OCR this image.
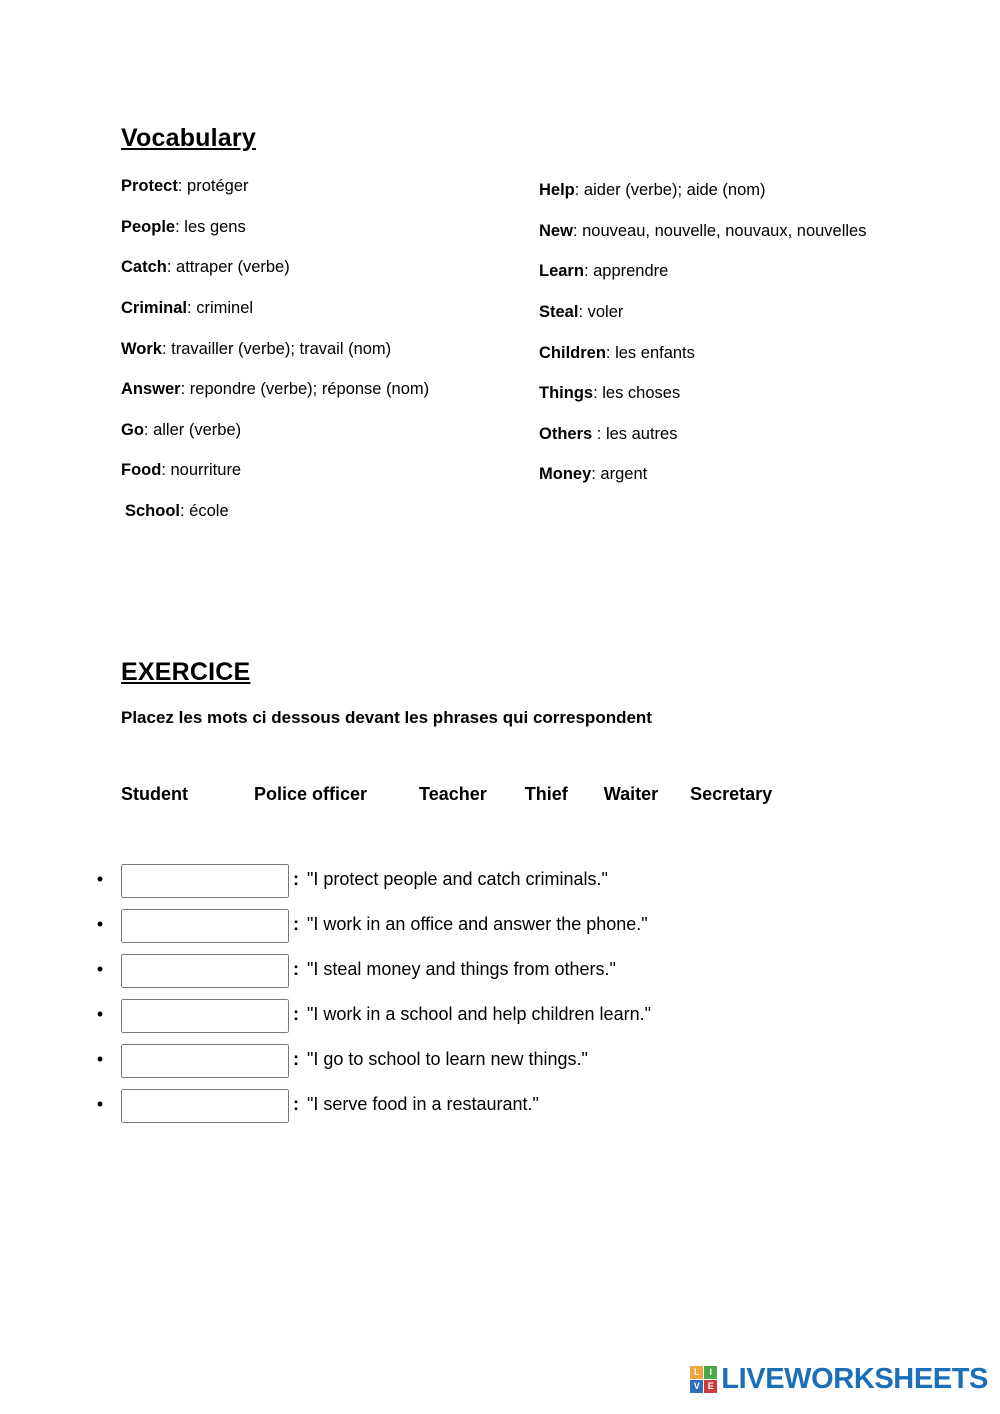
Vocabulary
Protect: protéger
People: les gens
Catch: attraper (verbe)
Criminal: criminel
Work: travailler (verbe); travail (nom)
Answer: repondre (verbe); réponse (nom)
Go: aller (verbe)
Food: nourriture
School: école
Help: aider (verbe); aide (nom)
New: nouveau, nouvelle, nouvaux, nouvelles
Learn: apprendre
Steal: voler
Children: les enfants
Things: les choses
Others : les autres
Money: argent
EXERCICE
Placez les mots ci dessous devant les phrases qui correspondent
Student	Police officer	Teacher Thief Waiter Secretary
•	: "I protect people and catch criminals."
•	: "I work in an office and answer the phone."
•	: "I steal money and things from others."
•	: "I work in a school and help children learn."
•	: "I go to school to learn new things."
•	: "I serve food in a restaurant."
L	I
V E LIVEWORKSHEETS
